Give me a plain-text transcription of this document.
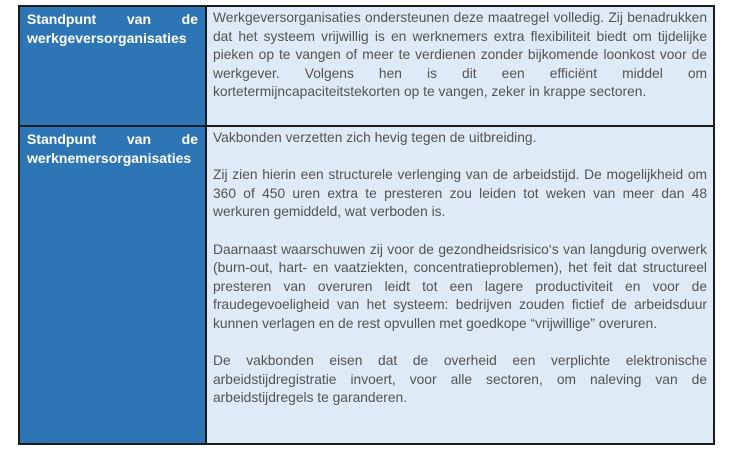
Standpunt van de werkgeversorganisaties

Werkgeversorganisaties ondersteunen deze maatregel volledig. Zij benadrukken dat het systeem vrijwillig is en werknemers extra flexibiliteit biedt om tijdelijke pieken op te vangen of meer te verdienen zonder bijkomende loonkost voor de werkgever. Volgens hen is dit een efficiënt middel om kortetermijncapaciteitstekorten op te vangen, zeker in krappe sectoren.

Standpunt van de werknemersorganisaties

Vakbonden verzetten zich hevig tegen de uitbreiding.

Zij zien hierin een structurele verlenging van de arbeidstijd. De mogelijkheid om 360 of 450 uren extra te presteren zou leiden tot weken van meer dan 48 werkuren gemiddeld, wat verboden is.

Daarnaast waarschuwen zij voor de gezondheidsrisico‘s van langdurig overwerk (burn-out, hart- en vaatziekten, concentratieproblemen), het feit dat structureel presteren van overuren leidt tot een lagere productiviteit en voor de fraudegevoeligheid van het systeem: bedrijven zouden fictief de arbeidsduur kunnen verlagen en de rest opvullen met goedkope “vrijwillige” overuren.

De vakbonden eisen dat de overheid een verplichte elektronische arbeidstijdregistratie invoert, voor alle sectoren, om naleving van de arbeidstijdregels te garanderen.
